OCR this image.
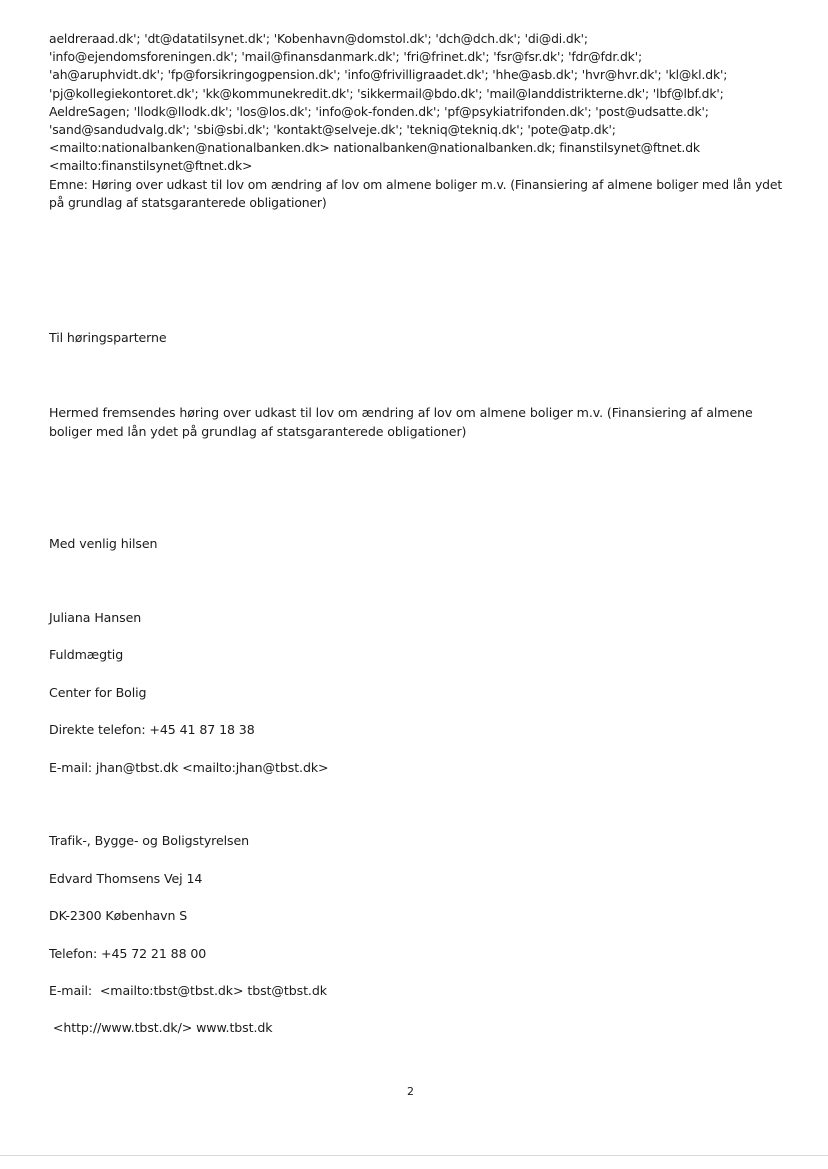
aeldreraad.dk'; 'dt@datatilsynet.dk'; 'Kobenhavn@domstol.dk'; 'dch@dch.dk'; 'di@di.dk';
'info@ejendomsforeningen.dk'; 'mail@finansdanmark.dk'; 'fri@frinet.dk'; 'fsr@fsr.dk'; 'fdr@fdr.dk';
'ah@aruphvidt.dk'; 'fp@forsikringogpension.dk'; 'info@frivilligraadet.dk'; 'hhe@asb.dk'; 'hvr@hvr.dk'; 'kl@kl.dk';
'pj@kollegiekontoret.dk'; 'kk@kommunekredit.dk'; 'sikkermail@bdo.dk'; 'mail@landdistrikterne.dk'; 'lbf@lbf.dk';
AeldreSagen; 'llodk@llodk.dk'; 'los@los.dk'; 'info@ok-fonden.dk'; 'pf@psykiatrifonden.dk'; 'post@udsatte.dk';
'sand@sandudvalg.dk'; 'sbi@sbi.dk'; 'kontakt@selveje.dk'; 'tekniq@tekniq.dk'; 'pote@atp.dk';
<mailto:nationalbanken@nationalbanken.dk> nationalbanken@nationalbanken.dk; finanstilsynet@ftnet.dk
<mailto:finanstilsynet@ftnet.dk>
Emne: Høring over udkast til lov om ændring af lov om almene boliger m.v. (Finansiering af almene boliger med lån ydet på grundlag af statsgaranterede obligationer)
Til høringsparterne
Hermed fremsendes høring over udkast til lov om ændring af lov om almene boliger m.v. (Finansiering af almene boliger med lån ydet på grundlag af statsgaranterede obligationer)
Med venlig hilsen
Juliana Hansen
Fuldmægtig
Center for Bolig
Direkte telefon: +45 41 87 18 38
E-mail: jhan@tbst.dk <mailto:jhan@tbst.dk>
Trafik-, Bygge- og Boligstyrelsen
Edvard Thomsens Vej 14
DK-2300 København S
Telefon: +45 72 21 88 00
E-mail:  <mailto:tbst@tbst.dk> tbst@tbst.dk
<http://www.tbst.dk/> www.tbst.dk
2
